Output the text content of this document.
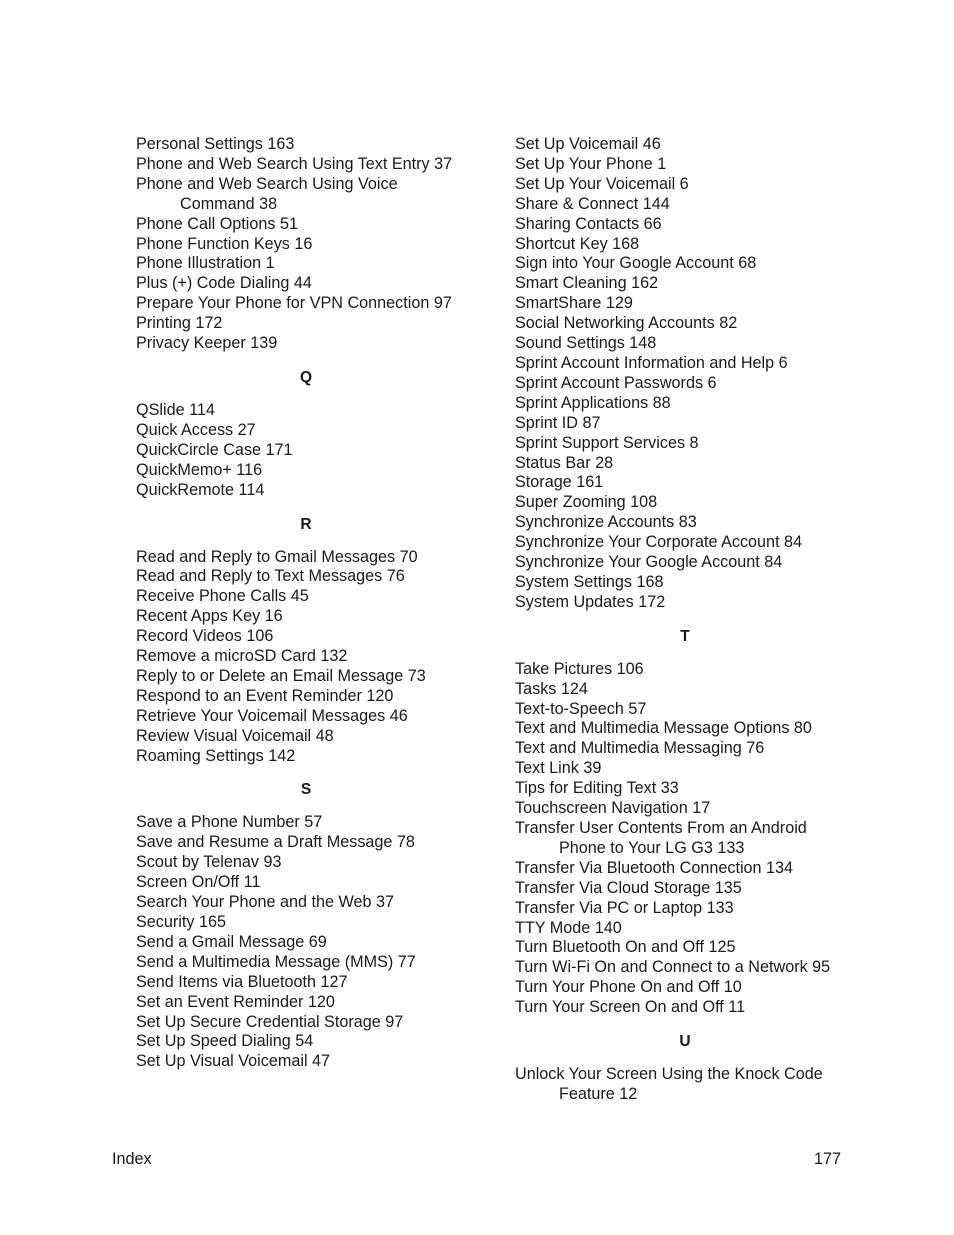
Personal Settings 163
Phone and Web Search Using Text Entry 37
Phone and Web Search Using Voice Command 38
Phone Call Options 51
Phone Function Keys 16
Phone Illustration 1
Plus (+) Code Dialing 44
Prepare Your Phone for VPN Connection 97
Printing 172
Privacy Keeper 139
Q
QSlide 114
Quick Access 27
QuickCircle Case 171
QuickMemo+ 116
QuickRemote 114
R
Read and Reply to Gmail Messages 70
Read and Reply to Text Messages 76
Receive Phone Calls 45
Recent Apps Key 16
Record Videos 106
Remove a microSD Card 132
Reply to or Delete an Email Message 73
Respond to an Event Reminder 120
Retrieve Your Voicemail Messages 46
Review Visual Voicemail 48
Roaming Settings 142
S
Save a Phone Number 57
Save and Resume a Draft Message 78
Scout by Telenav 93
Screen On/Off 11
Search Your Phone and the Web 37
Security 165
Send a Gmail Message 69
Send a Multimedia Message (MMS) 77
Send Items via Bluetooth 127
Set an Event Reminder 120
Set Up Secure Credential Storage 97
Set Up Speed Dialing 54
Set Up Visual Voicemail 47
Set Up Voicemail 46
Set Up Your Phone 1
Set Up Your Voicemail 6
Share & Connect 144
Sharing Contacts 66
Shortcut Key 168
Sign into Your Google Account 68
Smart Cleaning 162
SmartShare 129
Social Networking Accounts 82
Sound Settings 148
Sprint Account Information and Help 6
Sprint Account Passwords 6
Sprint Applications 88
Sprint ID 87
Sprint Support Services 8
Status Bar 28
Storage 161
Super Zooming 108
Synchronize Accounts 83
Synchronize Your Corporate Account 84
Synchronize Your Google Account 84
System Settings 168
System Updates 172
T
Take Pictures 106
Tasks 124
Text-to-Speech 57
Text and Multimedia Message Options 80
Text and Multimedia Messaging 76
Text Link 39
Tips for Editing Text 33
Touchscreen Navigation 17
Transfer User Contents From an Android Phone to Your LG G3 133
Transfer Via Bluetooth Connection 134
Transfer Via Cloud Storage 135
Transfer Via PC or Laptop 133
TTY Mode 140
Turn Bluetooth On and Off 125
Turn Wi-Fi On and Connect to a Network 95
Turn Your Phone On and Off 10
Turn Your Screen On and Off 11
U
Unlock Your Screen Using the Knock Code Feature 12
Index	177
